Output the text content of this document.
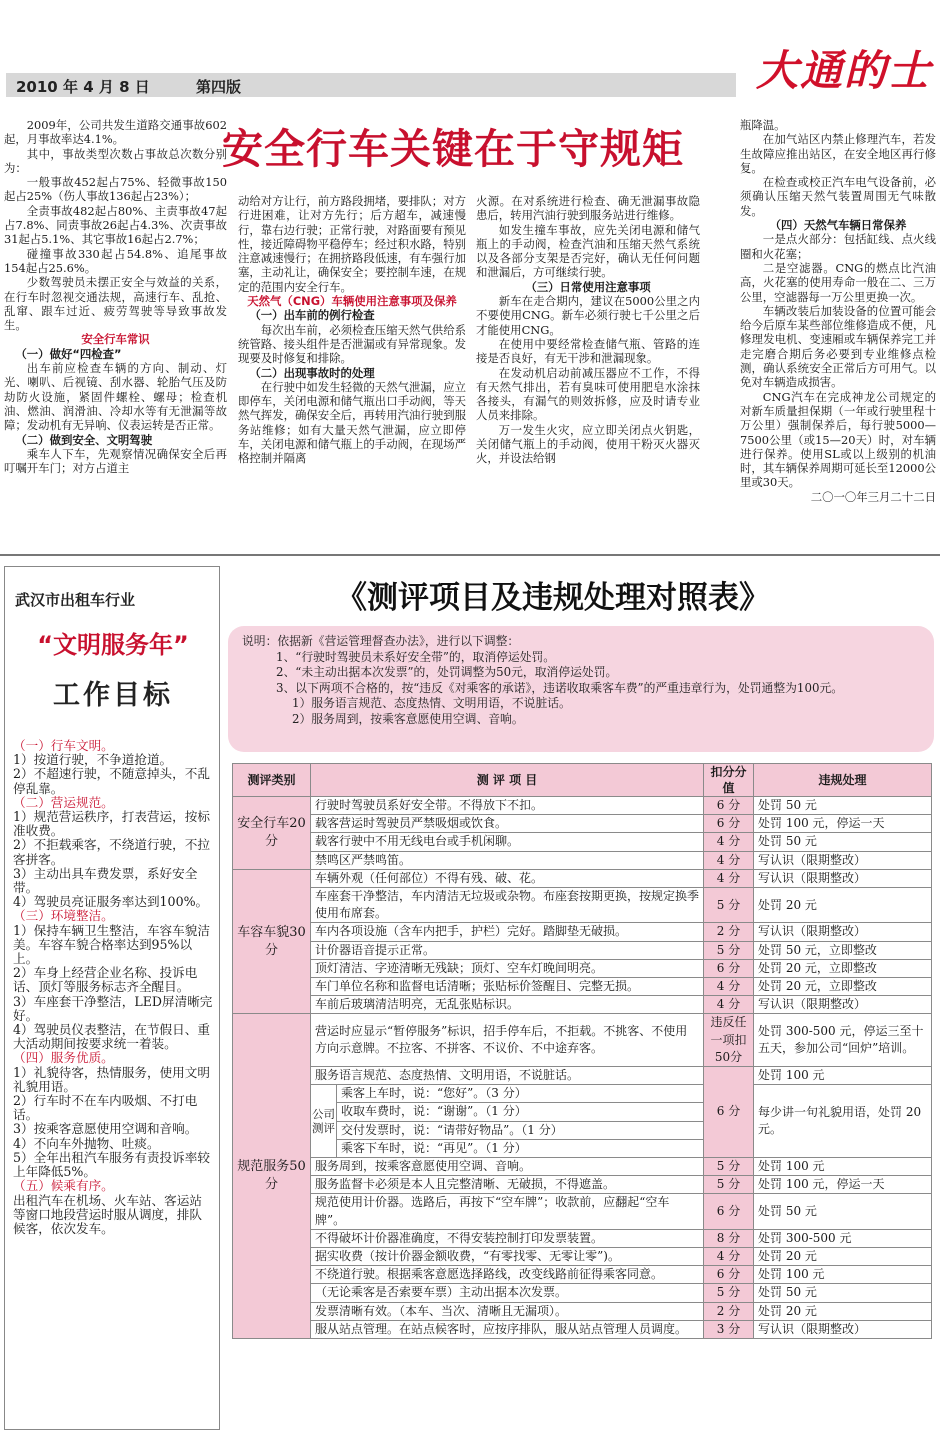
2010 年 4 月 8 日	第四版	大通的士
安全行车关键在于守规矩

2009年，公司共发生道路交通事故602起，月事故率达4.1%。

其中，事故类型次数占事故总次数分别为：

一般事故452起占75%、轻微事故150起占25%（伤人事故136起占23%）；

全责事故482起占80%、主责事故47起占7.8%、同责事故26起占4.3%、次责事故31起占5.1%、其它事故16起占2.7%；

碰撞事故330起占54.8%、追尾事故154起占25.6%。

少数驾驶员未摆正安全与效益的关系，在行车时忽视交通法规，高速行车、乱抢、乱窜、跟车过近、疲劳驾驶等导致事故发生。

安全行车常识

（一）做好“四检查”

出车前应检查车辆的方向、制动、灯光、喇叭、后视镜、刮水器、轮胎气压及防劫防火设施，紧固件螺栓、螺母；检查机油、燃油、润滑油、冷却水等有无泄漏等故障；发动机有无异响、仪表运转是否正常。

（二）做到安全、文明驾驶

乘车人下车，先观察情况确保安全后再叮嘱开车门；对方占道主

动给对方让行，前方路段拥堵，要排队；对方行进困难，让对方先行；后方超车，减速慢行，靠右边行驶；正常行驶，对路面要有预见性，接近障碍物平稳停车；经过积水路，特别注意减速慢行；在拥挤路段低速，有车强行加塞，主动礼让，确保安全；要控制车速，在规定的范围内安全行车。

天然气（CNG）车辆使用注意事项及保养

（一）出车前的例行检查

每次出车前，必须检查压缩天然气供给系统管路、接头组件是否泄漏或有异常现象。发现要及时修复和排除。

（二）出现事故时的处理

在行驶中如发生轻微的天然气泄漏，应立即停车，关闭电源和储气瓶出口手动阀，等天然气挥发，确保安全后，再转用汽油行驶到服务站维修；如有大量天然气泄漏，应立即停车，关闭电源和储气瓶上的手动阀，在现场严格控制并隔离

火源。在对系统进行检查、确无泄漏事故隐患后，转用汽油行驶到服务站进行维修。

如发生撞车事故，应先关闭电源和储气瓶上的手动阀，检查汽油和压缩天然气系统以及各部分支架是否完好，确认无任何问题和泄漏后，方可继续行驶。

（三）日常使用注意事项

新车在走合期内，建议在5000公里之内不要使用CNG。新车必须行驶七千公里之后才能使用CNG。

在使用中要经常检查储气瓶、管路的连接是否良好，有无干涉和泄漏现象。

在发动机启动前减压器应不工作，不得有天然气排出，若有臭味可使用肥皂水涂抹各接头，有漏气的则效拆修，应及时请专业人员来排除。

万一发生火灾，应立即关闭点火钥匙，关闭储气瓶上的手动阀，使用干粉灭火器灭火，并设法给钢

瓶降温。

在加气站区内禁止修理汽车，若发生故障应推出站区，在安全地区再行修复。

在检查或校正汽车电气设备前，必须确认压缩天然气装置周围无气味散发。

（四）天然气车辆日常保养

一是点火部分：包括缸线、点火线圈和火花塞；

二是空滤器。CNG的燃点比汽油高，火花塞的使用寿命一般在二、三万公里，空滤器每一万公里更换一次。

车辆改装后加装设备的位置可能会给今后原车某些部位维修造成不便，凡修理发电机、变速厢或车辆保养完工并走完磨合期后务必要到专业维修点检测，确认系统安全正常后方可用气。以免对车辆造成损害。

CNG汽车在完成神龙公司规定的对新车质量担保期（一年或行驶里程十万公里）强制保养后，每行驶5000—7500公里（或15—20天）时，对车辆进行保养。使用SL或以上级别的机油时，其车辆保养周期可延长至12000公里或30天。

二〇一〇年三月二十二日

武汉市出租车行业
“文明服务年”
工作目标
（一）行车文明。
1）按道行驶，不争道抢道。
2）不超速行驶，不随意掉头，不乱停乱靠。
（二）营运规范。
1）规范营运秩序，打表营运，按标准收费。
2）不拒载乘客，不绕道行驶，不拉客拼客。
3）主动出具车费发票，系好安全带。
4）驾驶员亮证服务率达到100%。
（三）环境整洁。
1）保持车辆卫生整洁，车容车貌洁美。车容车貌合格率达到95%以上。
2）车身上经营企业名称、投诉电话、顶灯等服务标志齐全醒目。
3）车座套干净整洁，LED屏清晰完好。
4）驾驶员仪表整洁，在节假日、重大活动期间按要求统一着装。
（四）服务优质。
1）礼貌待客，热情服务，使用文明礼貌用语。
2）行车时不在车内吸烟、不打电话。
3）按乘客意愿使用空调和音响。
4）不向车外抛物、吐痰。
5）全年出租汽车服务有责投诉率较上年降低5%。
（五）候乘有序。
出租汽车在机场、火车站、客运站等窗口地段营运时服从调度，排队候客，依次发车。
《测评项目及违规处理对照表》
说明：依据新《营运管理督查办法》，进行以下调整：
1、“行驶时驾驶员未系好安全带”的，取消停运处罚。
2、“未主动出据本次发票”的，处罚调整为50元，取消停运处罚。
3、以下两项不合格的，按“违反《对乘客的承诺》，违诺收取乘客车费”的严重违章行为，处罚通整为100元。
1）服务语言规范、态度热情、文明用语，不说脏话。
2）服务周到，按乘客意愿使用空调、音响。
测评类别	测 评 项 目		扣分分值	违规处理
安全行车20分	行驶时驾驶员系好安全带。不得放下不扣。		6 分	处罚 50 元
	载客营运时驾驶员严禁吸烟或饮食。		6 分	处罚 100 元，停运一天
	载客行驶中不用无线电台或手机闲聊。		4 分	处罚 50 元
	禁鸣区严禁鸣笛。		4 分	写认识（限期整改）
车容车貌30分	车辆外观（任何部位）不得有残、破、花。		4 分	写认识（限期整改）
	车座套干净整洁，车内清洁无垃圾或杂物。布座套按期更换，按规定换季使用布席套。		5 分	处罚 20 元
	车内各项设施（含车内把手，护栏）完好。踏脚垫无破损。		2 分	写认识（限期整改）
	计价器语音提示正常。		5 分	处罚 50 元，立即整改
	顶灯清洁、字迹清晰无残缺；顶灯、空车灯晚间明亮。		6 分	处罚 20 元，立即整改
	车门单位名称和监督电话清晰；张贴标价签醒目、完整无损。		4 分	处罚 20 元，立即整改
	车前后玻璃清洁明亮，无乱张贴标识。		4 分	写认识（限期整改）
规范服务50分	营运时应显示“暂停服务”标识，招手停车后，不拒载。不挑客、不使用方向示意牌。不拉客、不拼客、不议价、不中途弃客。		违反任一项扣50分	处罚 300-500 元，停运三至十五天，参加公司“回炉”培训。
	服务语言规范、态度热情、文明用语，不说脏话。		6 分	处罚 100 元
	公司测评	乘客上车时，说：“您好”。（3 分）		每少讲一句礼貌用语，处罚 20 元。
		收取车费时，说：“谢谢”。（1 分）		
		交付发票时，说：“请带好物品”。（1 分）		
		乘客下车时，说：“再见”。（1 分）		
	服务周到，按乘客意愿使用空调、音响。		5 分	处罚 100 元
	服务监督卡必须是本人且完整清晰、无破损，不得遮盖。		5 分	处罚 100 元，停运一天
	规范使用计价器。选路后，再按下“空车牌”；收款前，应翻起“空车牌”。		6 分	处罚 50 元
	不得破坏计价器准确度，不得安装控制打印发票装置。		8 分	处罚 300-500 元
	据实收费（按计价器金额收费，“有零找零、无零让零”)。		4 分	处罚 20 元
	不绕道行驶。根据乘客意愿选择路线，改变线路前征得乘客同意。		6 分	处罚 100 元
	（无论乘客是否索要车票）主动出据本次发票。		5 分	处罚 50 元
	发票清晰有效。（本车、当次、清晰且无漏项）。		2 分	处罚 20 元
	服从站点管理。在站点候客时，应按序排队，服从站点管理人员调度。		3 分	写认识（限期整改）
